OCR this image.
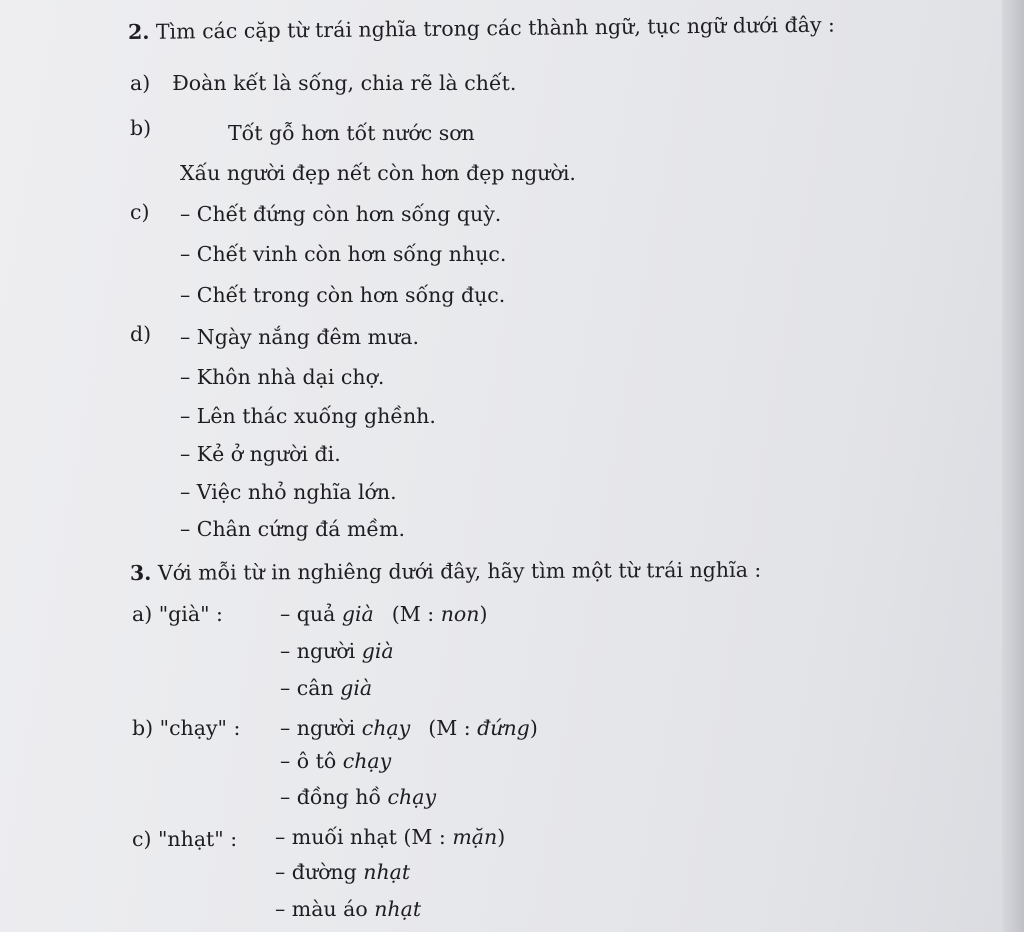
2. Tìm các cặp từ trái nghĩa trong các thành ngữ, tục ngữ dưới đây :
a) Đoàn kết là sống, chia rẽ là chết.
b)	Tốt gỗ hơn tốt nước sơn
Xấu người đẹp nết còn hơn đẹp người.
c) – Chết đứng còn hơn sống quỳ.
– Chết vinh còn hơn sống nhục.
– Chết trong còn hơn sống đục.
d) – Ngày nắng đêm mưa.
– Khôn nhà dại chợ.
– Lên thác xuống ghềnh.
– Kẻ ở người đi.
– Việc nhỏ nghĩa lớn.
– Chân cứng đá mềm.
3. Với mỗi từ in nghiêng dưới đây, hãy tìm một từ trái nghĩa :
a) "già" :	– quả già (M : non)
– người già
– cân già
b) "chạy" : – người chạy (M : đứng)
– ô tô chạy
– đồng hồ chạy
c) "nhạt" : – muối nhạt (M : mặn)
– đường nhạt
– màu áo nhạt
